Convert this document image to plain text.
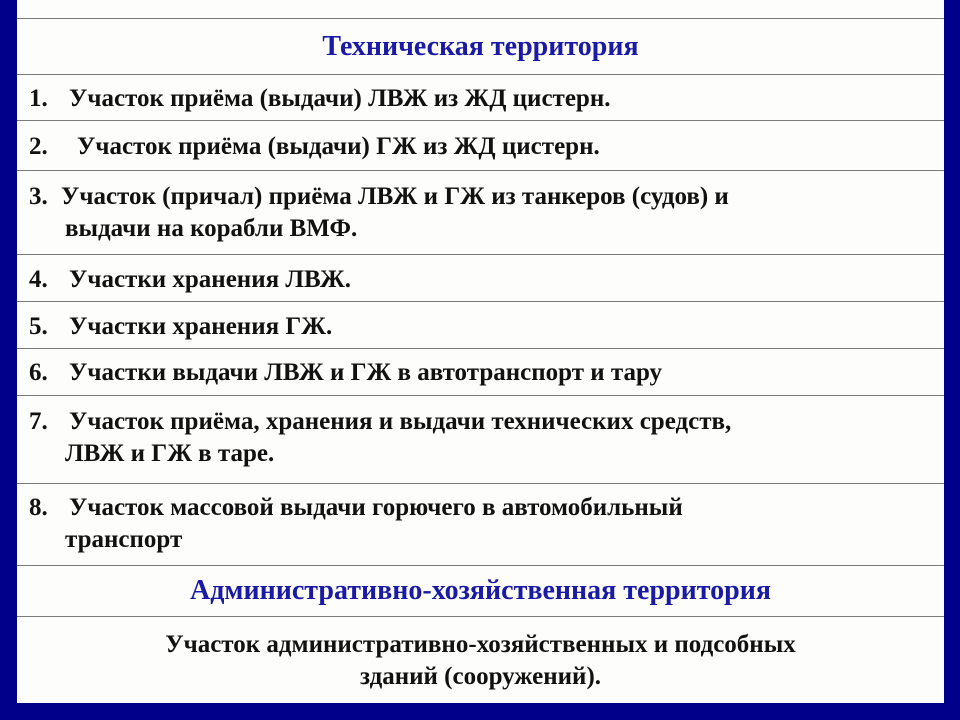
Техническая территория
1. Участок приёма (выдачи) ЛВЖ из ЖД цистерн.
2. Участок приёма (выдачи) ГЖ из ЖД цистерн.
3. Участок (причал) приёма ЛВЖ и ГЖ из танкеров (судов) и
выдачи на корабли ВМФ.
4. Участки хранения ЛВЖ.
5. Участки хранения ГЖ.
6. Участки выдачи ЛВЖ и ГЖ в автотранспорт и тару
7. Участок приёма, хранения и выдачи технических средств,
ЛВЖ и ГЖ в таре.
8. Участок массовой выдачи горючего в автомобильный
транспорт
Административно-хозяйственная территория
Участок административно-хозяйственных и подсобных
зданий (сооружений).
